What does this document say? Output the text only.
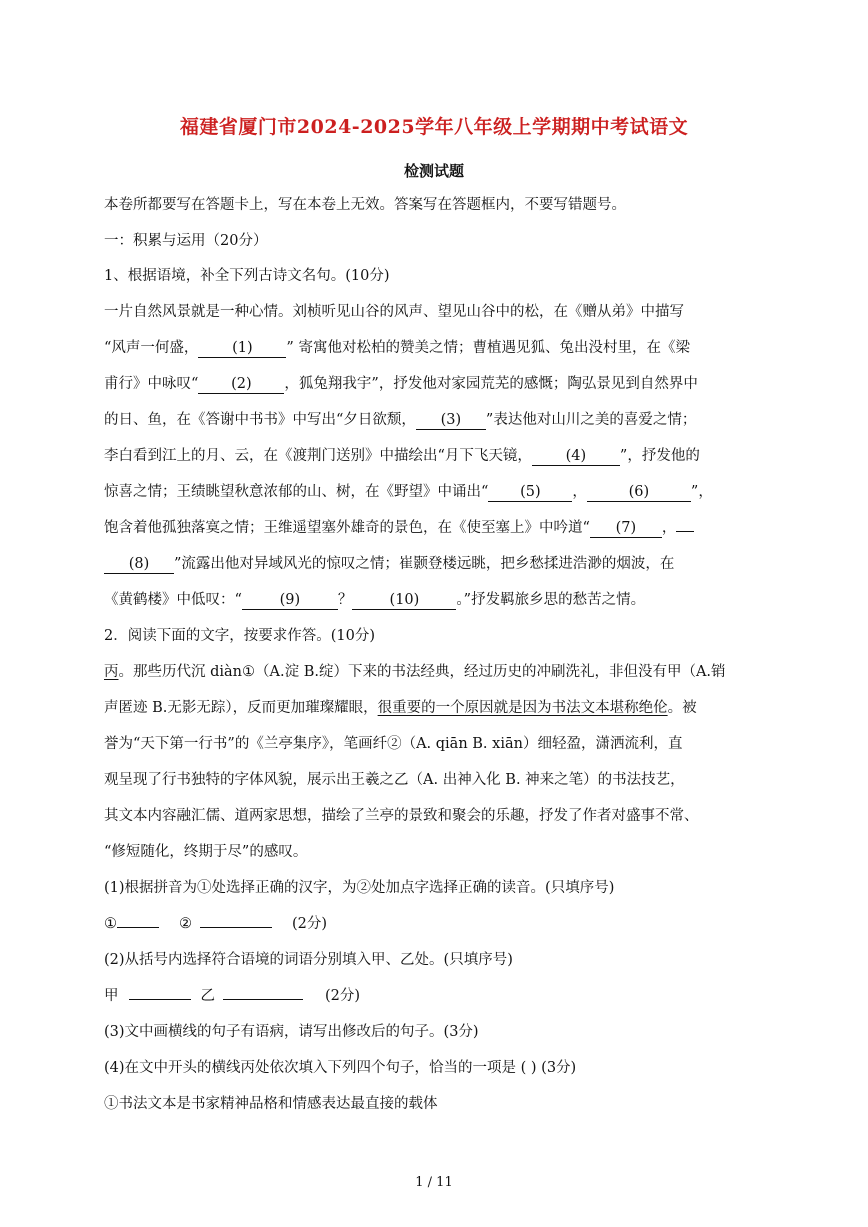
福建省厦门市2024-2025学年八年级上学期期中考试语文
检测试题
本卷所都要写在答题卡上，写在本卷上无效。答案写在答题框内，不要写错题号。
一：积累与运用（20分）
1、根据语境，补全下列古诗文名句。(10分)
一片自然风景就是一种心情。刘桢听见山谷的风声、望见山谷中的松，在《赠从弟》中描写
“风声一何盛， (1) ” 寄寓他对松柏的赞美之情；曹植遇见狐、兔出没村里，在《梁
甫行》中咏叹“ (2) ，狐兔翔我宇”，抒发他对家园荒芜的感慨；陶弘景见到自然界中
的日、鱼，在《答谢中书书》中写出“夕日欲颓， (3) ”表达他对山川之美的喜爱之情；
李白看到江上的月、云，在《渡荆门送别》中描绘出“月下飞天镜， (4) ”，抒发他的
惊喜之情；王绩眺望秋意浓郁的山、树，在《野望》中诵出“ (5) ，	(6)	”，
饱含着他孤独落寞之情；王维遥望塞外雄奇的景色，在《使至塞上》中吟道“ (7) ，
(8) ”流露出他对异域风光的惊叹之情；崔颢登楼远眺，把乡愁揉进浩渺的烟波，在
《黄鹤楼》中低叹：“	(9)	？	(10)	。”抒发羁旅乡思的愁苦之情。
2．阅读下面的文字，按要求作答。(10分)
丙。那些历代沉 diàn①（A.淀 B.绽）下来的书法经典，经过历史的冲刷洗礼，非但没有甲（A.销
声匿迹 B.无影无踪），反而更加璀璨耀眼，很重要的一个原因就是因为书法文本堪称绝伦。被
誉为“天下第一行书”的《兰亭集序》，笔画纤②（A. qiān B. xiān）细轻盈，潇洒流利，直
观呈现了行书独特的字体风貌，展示出王羲之乙（A. 出神入化 B. 神来之笔）的书法技艺，
其文本内容融汇儒、道两家思想，描绘了兰亭的景致和聚会的乐趣，抒发了作者对盛事不常、
“修短随化，终期于尽”的感叹。
(1)根据拼音为①处选择正确的汉字，为②处加点字选择正确的读音。(只填序号)
①	②	(2分)
(2)从括号内选择符合语境的词语分别填入甲、乙处。(只填序号)
甲	乙	(2分)
(3)文中画横线的句子有语病，请写出修改后的句子。(3分)
(4)在文中开头的横线丙处依次填入下列四个句子，恰当的一项是 ( ) (3分)
①书法文本是书家精神品格和情感表达最直接的载体
1 / 11
